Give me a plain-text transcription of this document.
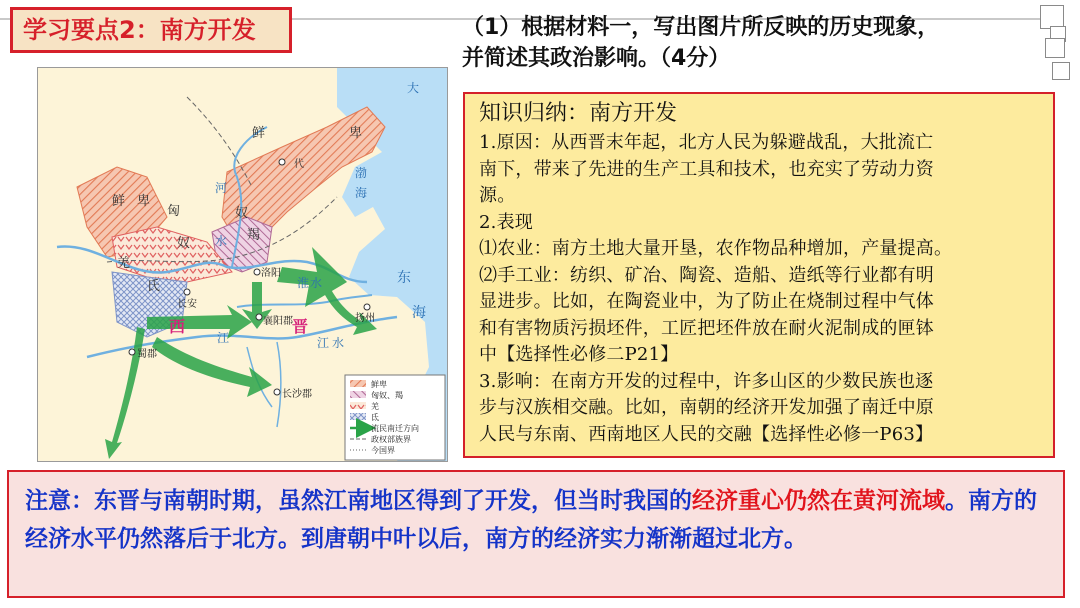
学习要点2：南方开发	（1）根据材料一，写出图片所反映的历史现象，
并简述其政治影响。（4分）
鲜	卑
鲜 卑
匈
奴
奴
羯
羌
氏
代
河
水
江
淮 水
江 水
东
海
渤
海
大
西	晋
洛阳
长安
襄阳郡	扬州
蜀郡
长沙郡
鲜卑
匈奴、羯
羌
氐
流民南迁方向
政权部族界
今国界
知识归纳：南方开发

1.原因：从西晋末年起，北方人民为躲避战乱，大批流亡

南下，带来了先进的生产工具和技术，也充实了劳动力资

源。

2.表现

⑴农业：南方土地大量开垦，农作物品种增加，产量提高。

⑵手工业：纺织、矿冶、陶瓷、造船、造纸等行业都有明

显进步。比如，在陶瓷业中，为了防止在烧制过程中气体

和有害物质污损坯件，工匠把坯件放在耐火泥制成的匣钵

中【选择性必修二P21】

3.影响：在南方开发的过程中，许多山区的少数民族也逐

步与汉族相交融。比如，南朝的经济开发加强了南迁中原

人民与东南、西南地区人民的交融【选择性必修一P63】

注意：东晋与南朝时期，虽然江南地区得到了开发，但当时我国的经济重心仍然在黄河流域。南方的经济水平仍然落后于北方。到唐朝中叶以后，南方的经济实力渐渐超过北方。
